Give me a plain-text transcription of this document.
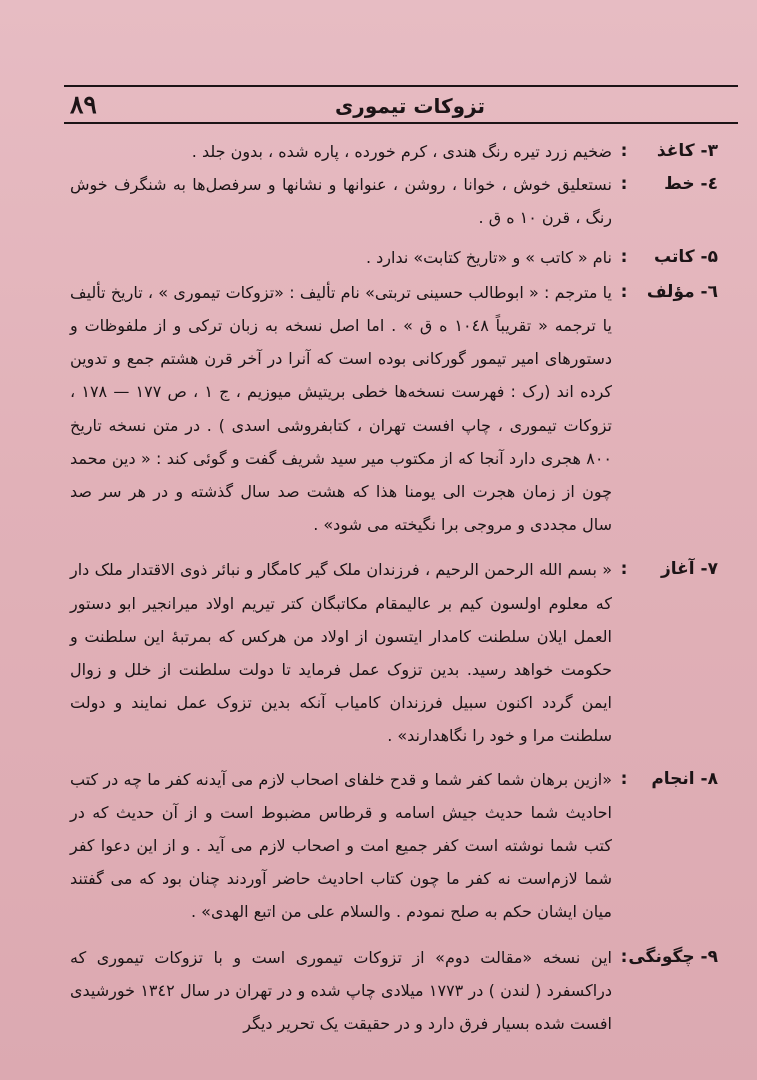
۸۹	تزوکات تیموری
۳- کاغذ
:
ضخیم زرد تیره رنگ هندی ، کرم خورده ، پاره شده ، بدون جلد .
٤- خط
:
نستعلیق خوش ، خوانا ، روشن ، عنوانها و نشانها و سرفصل‌ها به شنگرف خوش رنگ ، قرن ۱۰ ه ق .
۵- کاتب
:
نام « کاتب » و «تاریخ کتابت» ندارد .
٦- مؤلف
:
یا مترجم : « ابوطالب حسینی تربتی» نام تألیف : «تزوکات تیموری » ، تاریخ تألیف یا ترجمه « تقریباً ۱۰٤۸ ه ق » . اما اصل نسخه به زبان ترکی و از ملفوظات و دستورهای امیر تیمور گورکانی بوده است که آنرا در آخر قرن هشتم جمع و تدوین کرده اند (رک : فهرست نسخه‌ها خطی بریتیش میوزیم ، ج ۱ ، ص ۱۷۷ — ۱۷۸ ، تزوکات تیموری ، چاپ افست تهران ، کتابفروشی اسدی ) . در متن نسخه تاریخ ۸۰۰ هجری دارد آنجا که از مکتوب میر سید شریف گفت و گوئی کند : « دین محمد چون از زمان هجرت الی یومنا هذا که هشت صد سال گذشته و در هر سر صد سال مجددی و مروجی برا نگیخته می شود» .
۷- آغاز
:
« بسم الله الرحمن الرحیم ، فرزندان ملک گیر کامگار و نبائر ذوی الاقتدار ملک دار که معلوم اولسون کیم بر عالیمقام مکاتبگان کتر تیریم اولاد میرانجیر ابو دستور العمل ایلان سلطنت کامدار ایتسون از اولاد من هرکس که بمرتبه‌ٔ این سلطنت و حکومت خواهد رسید. بدین تزوک عمل فرماید تا دولت سلطنت از خلل و زوال ایمن گردد اکنون سبیل فرزندان کامیاب آنکه بدین تزوک عمل نمایند و دولت سلطنت مرا و خود را نگاهدارند» .
۸- انجام
:
«ازین برهان شما کفر شما و قدح خلفای اصحاب لازم می آیدنه کفر ما چه در کتب احادیث شما حدیث جیش اسامه و قرطاس مضبوط است و از آن حدیث که در کتب شما نوشته است کفر جمیع امت و اصحاب لازم می آید . و از این دعوا کفر شما لازم‌است نه کفر ما چون کتاب احادیث حاضر آوردند چنان بود که می گفتند میان ایشان حکم به صلح نمودم . والسلام علی من اتبع الهدی» .
۹- چگونگی
:
این نسخه «مقالت دوم» از تزوکات تیموری است و با تزوکات تیموری که دراکسفرد ( لندن ) در ۱۷۷۳ میلادی چاپ شده و در تهران در سال ۱۳٤۲ خورشیدی افست شده بسیار فرق دارد و در حقیقت یک تحریر دیگر
